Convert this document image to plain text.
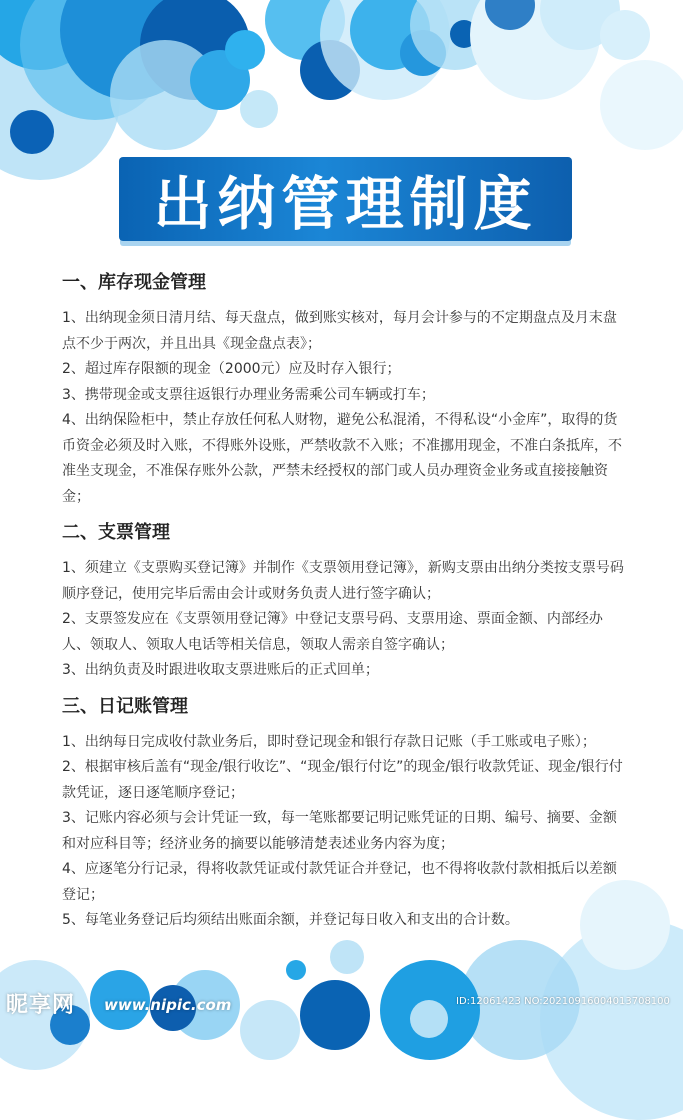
出纳管理制度
一、库存现金管理

1、出纳现金须日清月结、每天盘点，做到账实核对，每月会计参与的不定期盘点及月末盘点不少于两次，并且出具《现金盘点表》；

2、超过库存限额的现金（2000元）应及时存入银行；

3、携带现金或支票往返银行办理业务需乘公司车辆或打车；

4、出纳保险柜中，禁止存放任何私人财物，避免公私混淆，不得私设“小金库”，取得的货币资金必须及时入账，不得账外设账，严禁收款不入账；不准挪用现金，不准白条抵库，不准坐支现金，不准保存账外公款，严禁未经授权的部门或人员办理资金业务或直接接触资金；

二、支票管理

1、须建立《支票购买登记簿》并制作《支票领用登记簿》，新购支票由出纳分类按支票号码顺序登记，使用完毕后需由会计或财务负责人进行签字确认；

2、支票签发应在《支票领用登记簿》中登记支票号码、支票用途、票面金额、内部经办人、领取人、领取人电话等相关信息，领取人需亲自签字确认；

3、出纳负责及时跟进收取支票进账后的正式回单；

三、日记账管理

1、出纳每日完成收付款业务后，即时登记现金和银行存款日记账（手工账或电子账）；

2、根据审核后盖有“现金/银行收讫”、“现金/银行付讫”的现金/银行收款凭证、现金/银行付款凭证，逐日逐笔顺序登记；

3、记账内容必须与会计凭证一致，每一笔账都要记明记账凭证的日期、编号、摘要、金额和对应科目等；经济业务的摘要以能够清楚表述业务内容为度；

4、应逐笔分行记录，得将收款凭证或付款凭证合并登记，也不得将收款付款相抵后以差额登记；

5、每笔业务登记后均须结出账面余额，并登记每日收入和支出的合计数。

昵享网 www.nipic.com	ID:12061423 NO:20210916004013708100
